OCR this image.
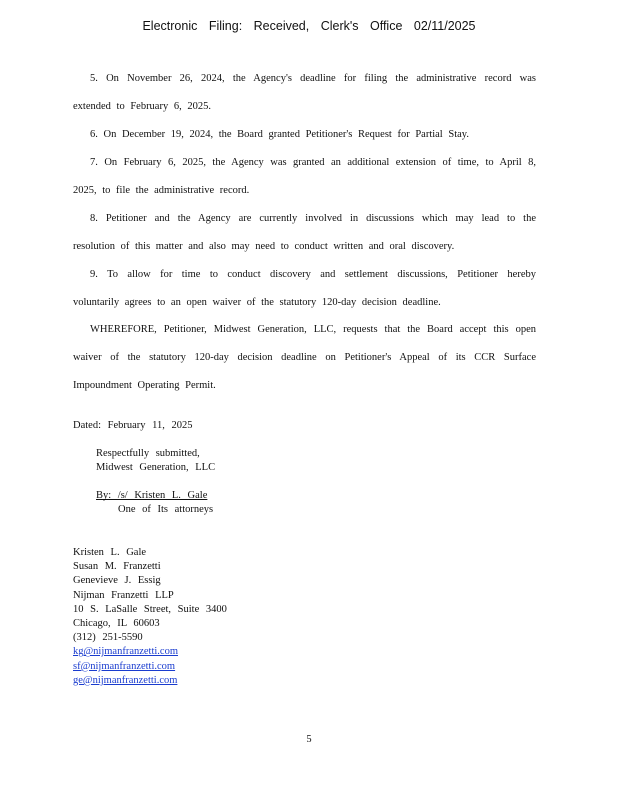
Electronic Filing: Received, Clerk's Office 02/11/2025
5. On November 26, 2024, the Agency's deadline for filing the administrative record was extended to February 6, 2025.
6. On December 19, 2024, the Board granted Petitioner's Request for Partial Stay.
7. On February 6, 2025, the Agency was granted an additional extension of time, to April 8, 2025, to file the administrative record.
8. Petitioner and the Agency are currently involved in discussions which may lead to the resolution of this matter and also may need to conduct written and oral discovery.
9. To allow for time to conduct discovery and settlement discussions, Petitioner hereby voluntarily agrees to an open waiver of the statutory 120-day decision deadline.
WHEREFORE, Petitioner, Midwest Generation, LLC, requests that the Board accept this open waiver of the statutory 120-day decision deadline on Petitioner's Appeal of its CCR Surface Impoundment Operating Permit.
Dated: February 11, 2025
Respectfully submitted,
Midwest Generation, LLC
By: /s/ Kristen L. Gale
One of Its attorneys
Kristen L. Gale
Susan M. Franzetti
Genevieve J. Essig
Nijman Franzetti LLP
10 S. LaSalle Street, Suite 3400
Chicago, IL 60603
(312) 251-5590
kg@nijmanfranzetti.com
sf@nijmanfranzetti.com
ge@nijmanfranzetti.com
5
